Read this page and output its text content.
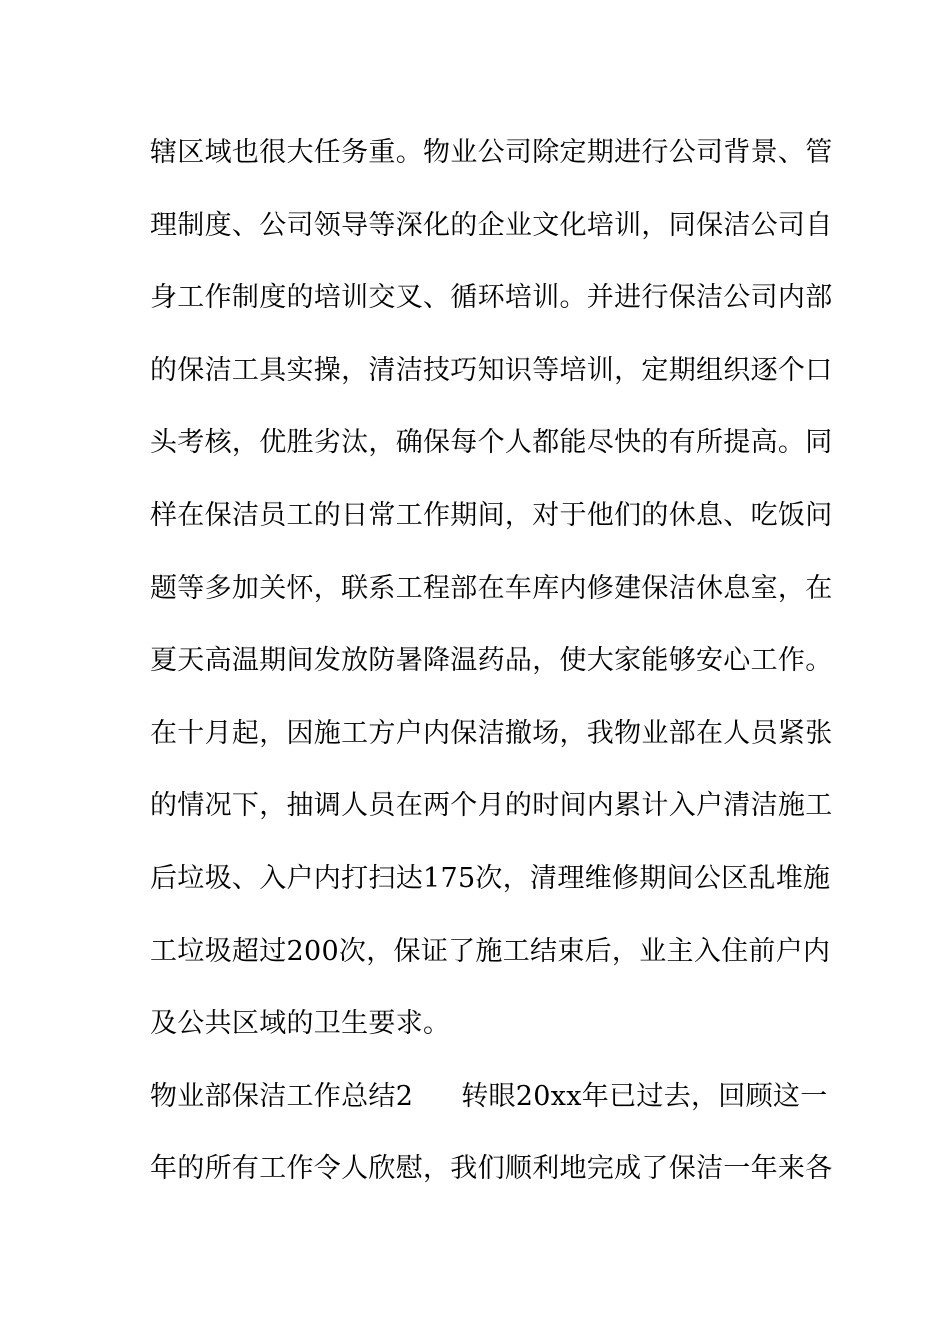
辖区域也很大任务重。物业公司除定期进行公司背景、管
理制度、公司领导等深化的企业文化培训，同保洁公司自
身工作制度的培训交叉、循环培训。并进行保洁公司内部
的保洁工具实操，清洁技巧知识等培训，定期组织逐个口
头考核，优胜劣汰，确保每个人都能尽快的有所提高。同
样在保洁员工的日常工作期间，对于他们的休息、吃饭问
题等多加关怀，联系工程部在车库内修建保洁休息室，在
夏天高温期间发放防暑降温药品，使大家能够安心工作。
在十月起，因施工方户内保洁撤场，我物业部在人员紧张
的情况下，抽调人员在两个月的时间内累计入户清洁施工
后垃圾、入户内打扫达175次，清理维修期间公区乱堆施
工垃圾超过200次，保证了施工结束后，业主入住前户内
及公共区域的卫生要求。
物业部保洁工作总结2 转眼20xx年已过去，回顾这一
年的所有工作令人欣慰，我们顺利地完成了保洁一年来各
